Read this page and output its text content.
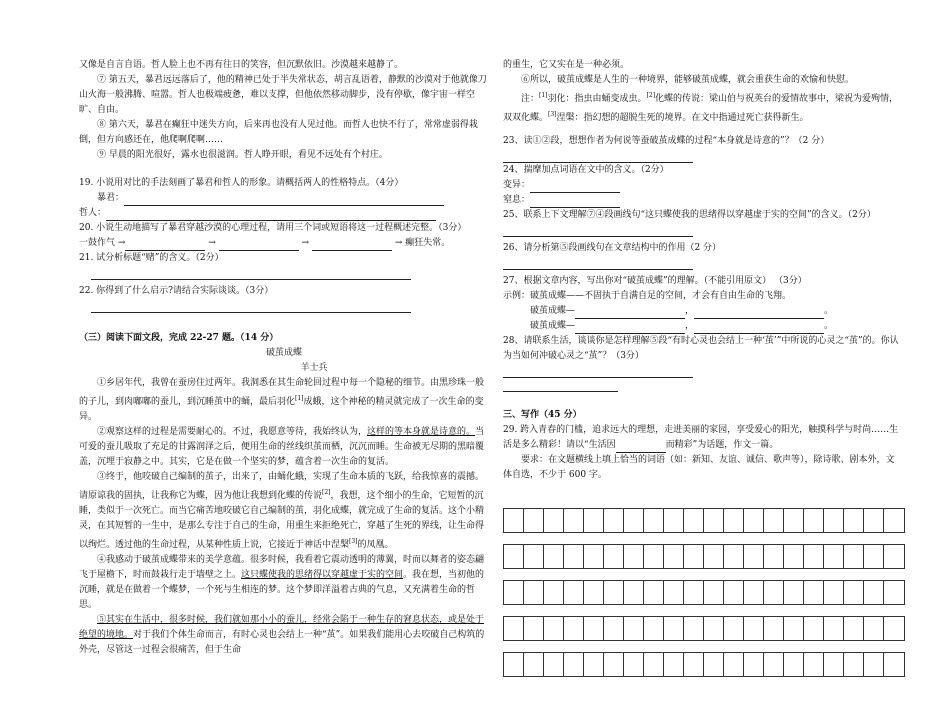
又像是自言自语。哲人脸上也不再有往日的笑容，但沉默依旧。沙漠越来越静了。

⑦ 第五天，暴君远远落后了，他的精神已处于半失常状态，胡言乱语着，静默的沙漠对于他就像刀山火海一般沸腾、喧嚣。哲人也极端疲惫，难以支撑，但他依然移动脚步，没有停歇，像宇宙一样空旷、自由。

⑧ 第六天，暴君在癫狂中迷失方向，后来再也没有人见过他。而哲人也快不行了，常常虚弱得栽倒，但方向感还在，他爬啊爬啊……

⑨ 早晨的阳光很好，露水也很滋润。哲人睁开眼，看见不远处有个村庄。

19. 小说用对比的手法刻画了暴君和哲人的形象。请概括两人的性格特点。（4分）

暴君：

哲人：

20. 小说生动地描写了暴君穿越沙漠的心理过程，请用三个词或短语将这一过程概述完整。（3分）

一鼓作气 →	→	→	→ 癫狂失常。

21. 试分析标题“赌”的含义。（2分）

22. 你得到了什么启示?请结合实际谈谈。（3分）

（三）阅读下面文段，完成 22-27 题。（14 分）

破茧成蝶

羊士兵

①乡居年代，我曾在蚕房住过两年。我洞悉在其生命轮回过程中每一个隐秘的细节。由黑珍珠一般的子儿，到肉嘟嘟的蚕儿，到沉睡茧中的蛹，最后羽化[1]成蛾，这个神秘的精灵就完成了一次生命的变异。

②观察这样的过程是需要耐心的。不过，我愿意等待，我始终认为，这样的等本身就是诗意的。当可爱的蚕儿吸取了充足的甘露润泽之后，便用生命的丝线织茧而栖，沉沉而睡。生命被无尽期的黑暗覆盖，沉埋于寂静之中。其实，它是在做一个坚实的梦，蕴含着一次生命的复活。

③终于，他咬破自己编制的茧子，出来了，由蛹化蛾，实现了生命本质的飞跃，给我惊喜的震撼。请原谅我的固执，让我称它为蝶，因为他让我想到化蝶的传说[2]，我想，这个细小的生命，它短暂的沉睡，类似于一次死亡。而当它痛苦地咬破它自己编制的茧，羽化成蝶，就完成了生命的复活。这个小精灵，在其短暂的一生中，是那么专注于自己的生命，用重生来拒绝死亡，穿越了生死的界线，让生命得以绚烂。透过他的生命过程，从某种性质上说，它接近于神话中涅槃[3]的凤凰。

④我感动于破茧成蝶带来的美学意蕴。很多时候，我看着它震动透明的薄翼，时而以舞者的姿态翩飞于屋檐下，时而鼓栽行走于墙壁之上。这只蝶使我的思绪得以穿越虚于实的空间。我在想，当初他的沉睡，就是在做着一个蝶梦，一个死与生相连的梦。这个梦即洋溢着古典的气息，又充满着生命的哲思。

⑤其实在生活中，很多时候，我们就如那小小的蚕儿，经常会陷于一种生存的窘息状态，或是处于绝望的境地。对于我们个体生命而言，有时心灵也会结上一种“茧”。如果我们能用心去咬破自己构筑的外壳，尽管这一过程会很痛苦，但于生命

的重生，它又实在是一种必须。

⑥所以，破茧成蝶是人生的一种境界，能够破茧成蝶，就会重获生命的欢愉和快慰。

注：[1]羽化：指虫由蛹变成虫。[2]化蝶的传说：梁山伯与祝英台的爱情故事中，梁祝为爱殉情，双双化蝶。[3]涅槃：指幻想的超脱生死的境界。在文中指通过死亡获得新生。

23、读①②段，想想作者为何说等蚕破茧成蝶的过程“本身就是诗意的”？（2 分）

24、揣摩加点词语在文中的含义。（2分）

变异：

窒息：

25、联系上下文理解⑦④段画线句“这只蝶使我的思绪得以穿越虚于实的空间”的含义。（2分）

26、请分析第⑤段画线句在文章结构中的作用（2 分）

27、根据文章内容，写出你对“破茧成蝶”的理解。（不能引用原文） （3分）

示例：破茧成蝶——不固执于自满自足的空间，才会有自由生命的飞翔。

破茧成蝶—	，	。

破茧成蝶—	，	。

28、请联系生活，谈谈你是怎样理解⑤段“有时心灵也会结上一种‘茧’”中所说的心灵之“茧”的。你认为当如何冲破心灵之“茧”？（3分）

三、写作（45 分）

29. 跨入青春的门槛，追求远大的理想，走进美丽的家园，享受爱心的阳光，触摸科学与时尚……生活是多么精彩！请以“生活因	而精彩”为话题，作文一篇。

要求：在文题横线上填上恰当的词语（如：新知、友谊、诚信、歌声等），除诗歌、剧本外，文体自选，不少于 600 字。
